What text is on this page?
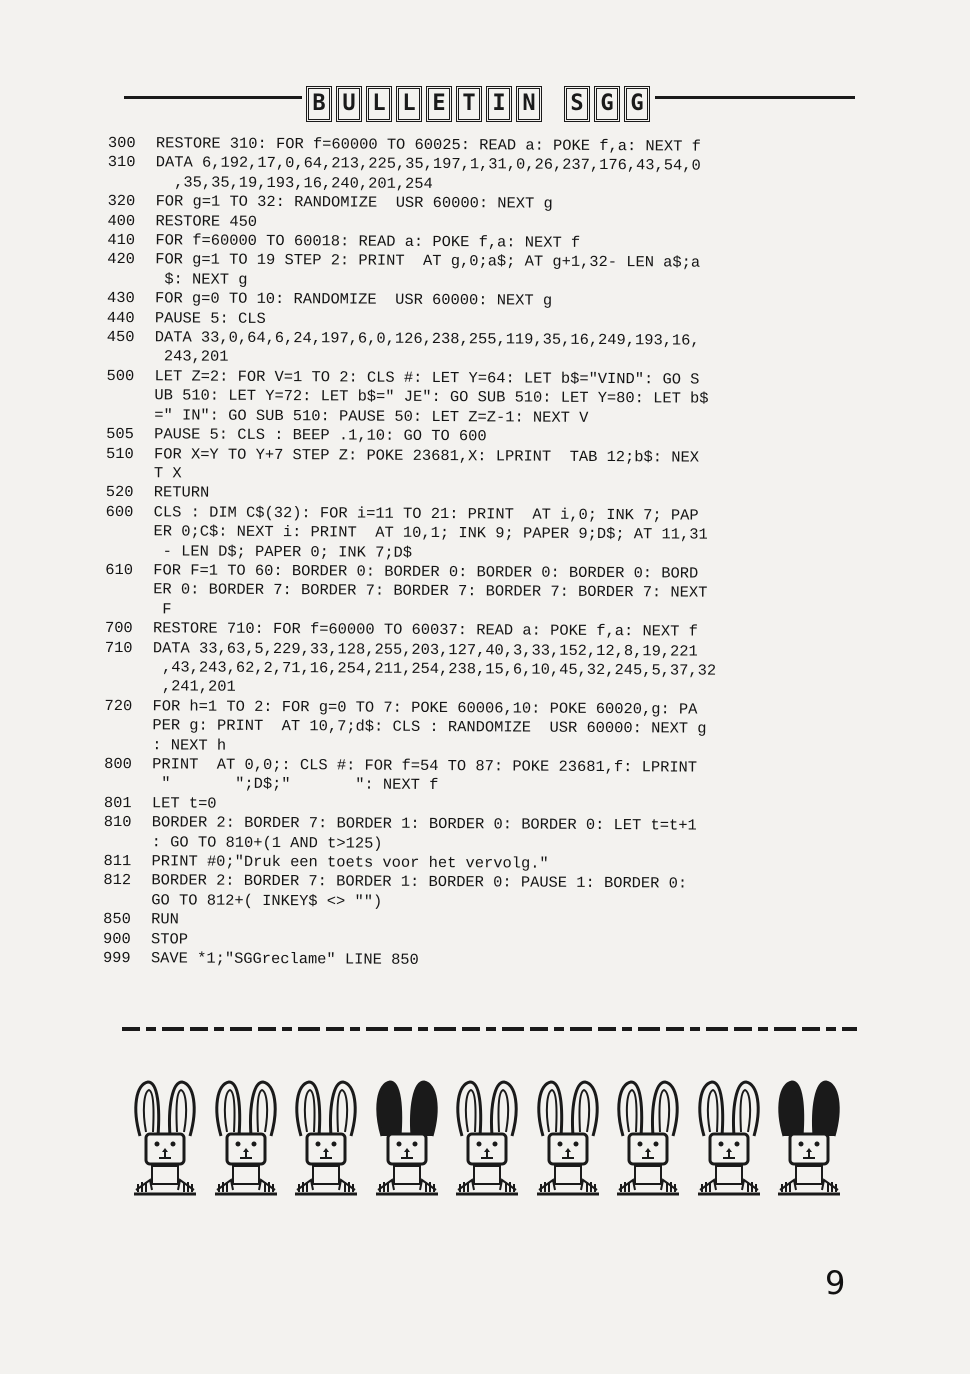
B U L L E T I N S G G
300	RESTORE 310: FOR f=60000 TO 60025: READ a: POKE f,a: NEXT f
310	DATA 6,192,17,0,64,213,225,35,197,1,31,0,26,237,176,43,54,0
,35,35,19,193,16,240,201,254
320	FOR g=1 TO 32: RANDOMIZE  USR 60000: NEXT g
400	RESTORE 450
410	FOR f=60000 TO 60018: READ a: POKE f,a: NEXT f
420	FOR g=1 TO 19 STEP 2: PRINT  AT g,0;a$; AT g+1,32- LEN a$;a
$: NEXT g
430	FOR g=0 TO 10: RANDOMIZE  USR 60000: NEXT g
440	PAUSE 5: CLS
450	DATA 33,0,64,6,24,197,6,0,126,238,255,119,35,16,249,193,16,
243,201
500	LET Z=2: FOR V=1 TO 2: CLS #: LET Y=64: LET b$="VIND": GO S
UB 510: LET Y=72: LET b$=" JE": GO SUB 510: LET Y=80: LET b$
=" IN": GO SUB 510: PAUSE 50: LET Z=Z-1: NEXT V
505	PAUSE 5: CLS : BEEP .1,10: GO TO 600
510	FOR X=Y TO Y+7 STEP Z: POKE 23681,X: LPRINT  TAB 12;b$: NEX
T X
520	RETURN
600	CLS : DIM C$(32): FOR i=11 TO 21: PRINT  AT i,0; INK 7; PAP
ER 0;C$: NEXT i: PRINT  AT 10,1; INK 9; PAPER 9;D$; AT 11,31
- LEN D$; PAPER 0; INK 7;D$
610	FOR F=1 TO 60: BORDER 0: BORDER 0: BORDER 0: BORDER 0: BORD
ER 0: BORDER 7: BORDER 7: BORDER 7: BORDER 7: BORDER 7: NEXT
F
700	RESTORE 710: FOR f=60000 TO 60037: READ a: POKE f,a: NEXT f
710	DATA 33,63,5,229,33,128,255,203,127,40,3,33,152,12,8,19,221
,43,243,62,2,71,16,254,211,254,238,15,6,10,45,32,245,5,37,32
,241,201
720	FOR h=1 TO 2: FOR g=0 TO 7: POKE 60006,10: POKE 60020,g: PA
PER g: PRINT  AT 10,7;d$: CLS : RANDOMIZE  USR 60000: NEXT g
: NEXT h
800	PRINT  AT 0,0;: CLS #: FOR f=54 TO 87: POKE 23681,f: LPRINT
"       ";D$;"       ": NEXT f
801	LET t=0
810	BORDER 2: BORDER 7: BORDER 1: BORDER 0: BORDER 0: LET t=t+1
: GO TO 810+(1 AND t>125)
811	PRINT #0;"Druk een toets voor het vervolg."
812	BORDER 2: BORDER 7: BORDER 1: BORDER 0: PAUSE 1: BORDER 0:
GO TO 812+( INKEY$ <> "")
850	RUN
900	STOP
999	SAVE *1;"SGGreclame" LINE 850
9
